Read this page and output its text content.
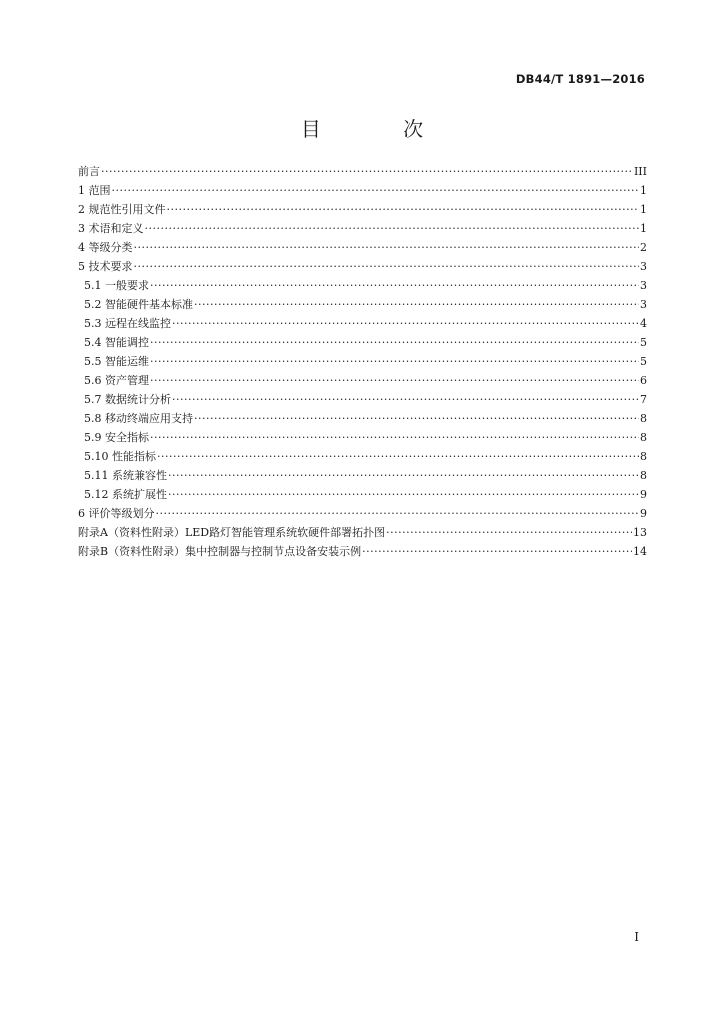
DB44/T 1891—2016
目 次
前言 ·····	III
1 范围 ·····	1
2 规范性引用文件 ·····	1
3 术语和定义 ·····	1
4 等级分类 ·····	2
5 技术要求 ·····	3
5.1 一般要求 ·····	3
5.2 智能硬件基本标准 ·····	3
5.3 远程在线监控 ·····	4
5.4 智能调控 ·····	5
5.5 智能运维 ·····	5
5.6 资产管理 ·····	6
5.7 数据统计分析 ·····	7
5.8 移动终端应用支持 ·····	8
5.9 安全指标 ·····	8
5.10 性能指标 ·····	8
5.11 系统兼容性 ·····	8
5.12 系统扩展性 ·····	9
6 评价等级划分 ·····	9
附录A（资料性附录）LED路灯智能管理系统软硬件部署拓扑图 ·····	13
附录B（资料性附录）集中控制器与控制节点设备安装示例 ·····	14
I
